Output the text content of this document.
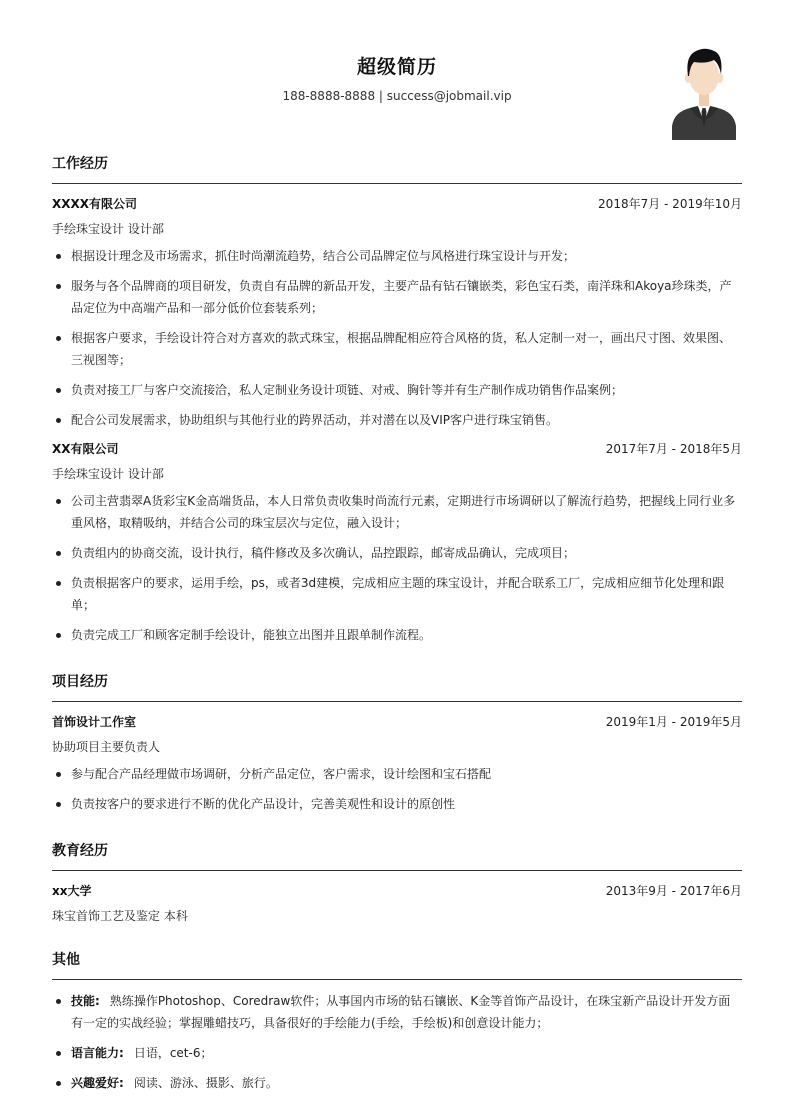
超级简历
188-8888-8888 | success@jobmail.vip
工作经历
XXXX有限公司	2018年7月 - 2019年10月
手绘珠宝设计 设计部
根据设计理念及市场需求，抓住时尚潮流趋势，结合公司品牌定位与风格进行珠宝设计与开发；
服务与各个品牌商的项目研发，负责自有品牌的新品开发，主要产品有钻石镶嵌类，彩色宝石类，南洋珠和Akoya珍珠类，产品定位为中高端产品和一部分低价位套装系列；
根据客户要求，手绘设计符合对方喜欢的款式珠宝，根据品牌配相应符合风格的货，私人定制一对一，画出尺寸图、效果图、三视图等；
负责对接工厂与客户交流接洽，私人定制业务设计项链、对戒、胸针等并有生产制作成功销售作品案例；
配合公司发展需求，协助组织与其他行业的跨界活动，并对潜在以及VIP客户进行珠宝销售。
XX有限公司	2017年7月 - 2018年5月
手绘珠宝设计 设计部
公司主营翡翠A货彩宝K金高端货品，本人日常负责收集时尚流行元素，定期进行市场调研以了解流行趋势，把握线上同行业多重风格，取精吸纳，并结合公司的珠宝层次与定位，融入设计；
负责组内的协商交流，设计执行，稿件修改及多次确认，品控跟踪，邮寄成品确认，完成项目；
负责根据客户的要求，运用手绘，ps，或者3d建模，完成相应主题的珠宝设计，并配合联系工厂，完成相应细节化处理和跟单；
负责完成工厂和顾客定制手绘设计，能独立出图并且跟单制作流程。
项目经历
首饰设计工作室	2019年1月 - 2019年5月
协助项目主要负责人
参与配合产品经理做市场调研，分析产品定位，客户需求，设计绘图和宝石搭配
负责按客户的要求进行不断的优化产品设计，完善美观性和设计的原创性
教育经历
xx大学	2013年9月 - 2017年6月
珠宝首饰工艺及鉴定 本科
其他
技能: 熟练操作Photoshop、Coredraw软件；从事国内市场的钻石镶嵌、K金等首饰产品设计，在珠宝新产品设计开发方面有一定的实战经验；掌握雕蜡技巧，具备很好的手绘能力(手绘，手绘板)和创意设计能力；
语言能力: 日语，cet-6；
兴趣爱好: 阅读、游泳、摄影、旅行。
